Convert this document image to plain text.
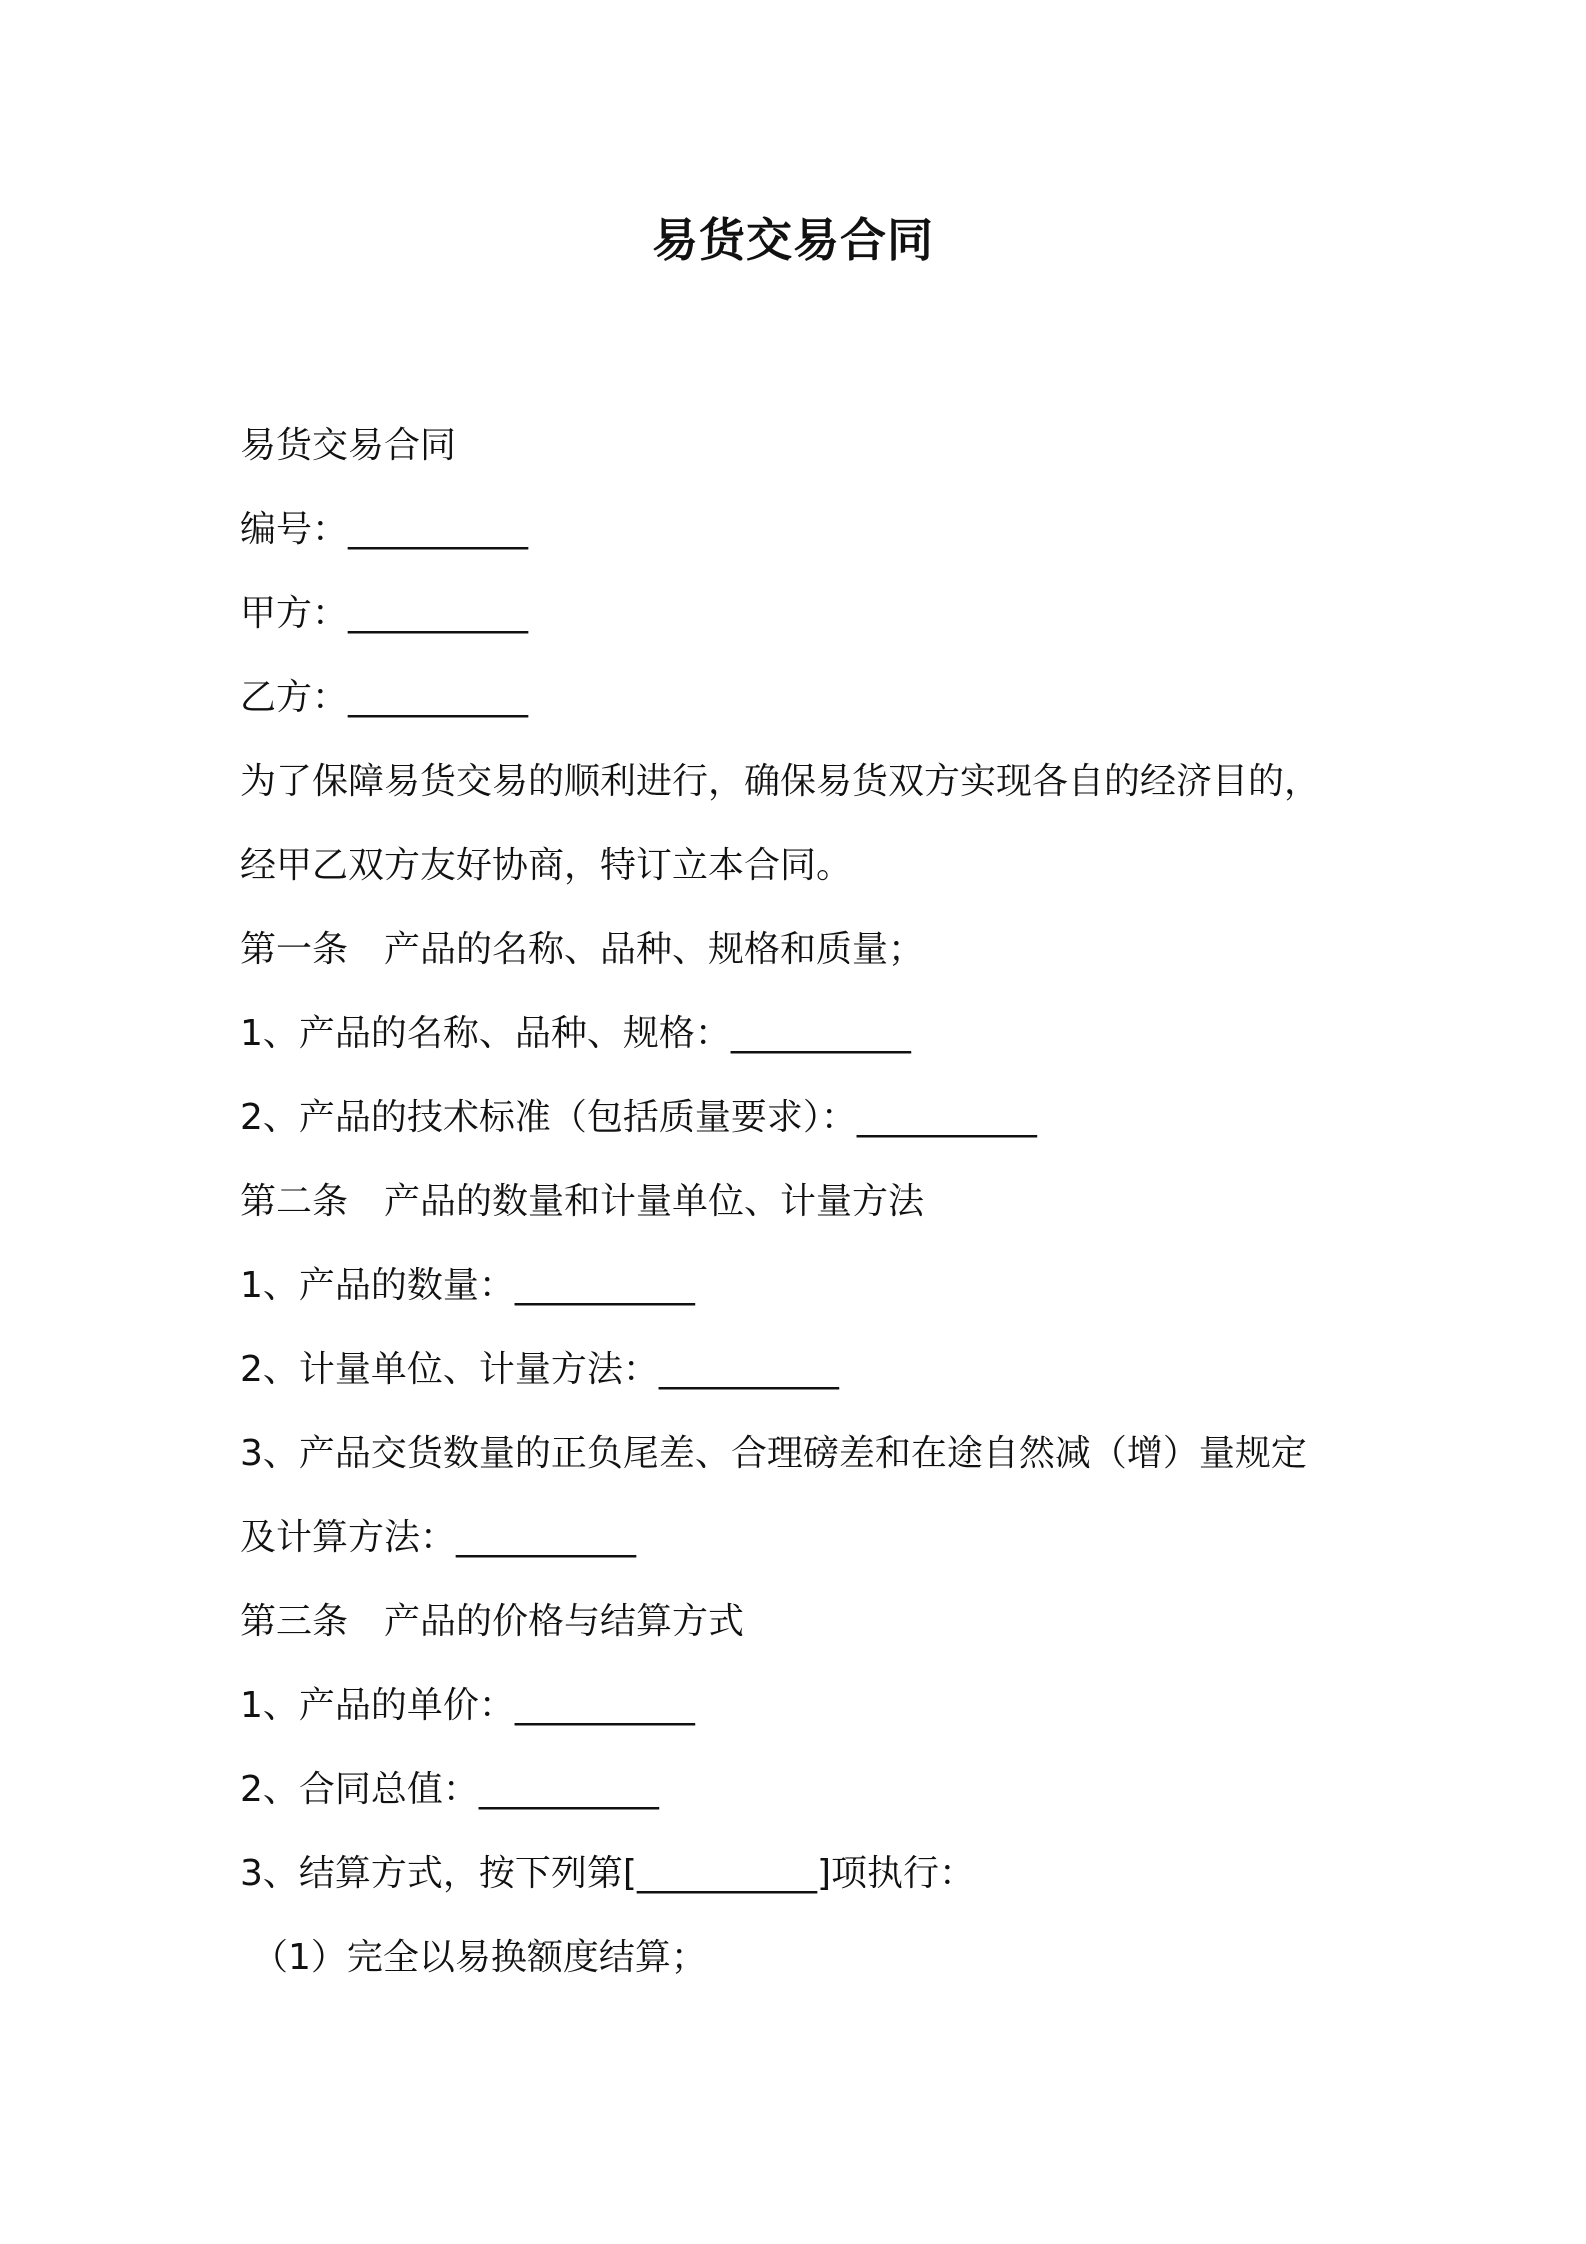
易货交易合同

易货交易合同

编号：__________

甲方：__________

乙方：__________

为了保障易货交易的顺利进行，确保易货双方实现各自的经济目的，

经甲乙双方友好协商，特订立本合同。

第一条　产品的名称、品种、规格和质量；

1、产品的名称、品种、规格：__________

2、产品的技术标准（包括质量要求）：__________

第二条　产品的数量和计量单位、计量方法

1、产品的数量：__________

2、计量单位、计量方法：__________

3、产品交货数量的正负尾差、合理磅差和在途自然减（增）量规定

及计算方法：__________

第三条　产品的价格与结算方式

1、产品的单价：__________

2、合同总值：__________

3、结算方式，按下列第[__________]项执行：

（1）完全以易换额度结算；
